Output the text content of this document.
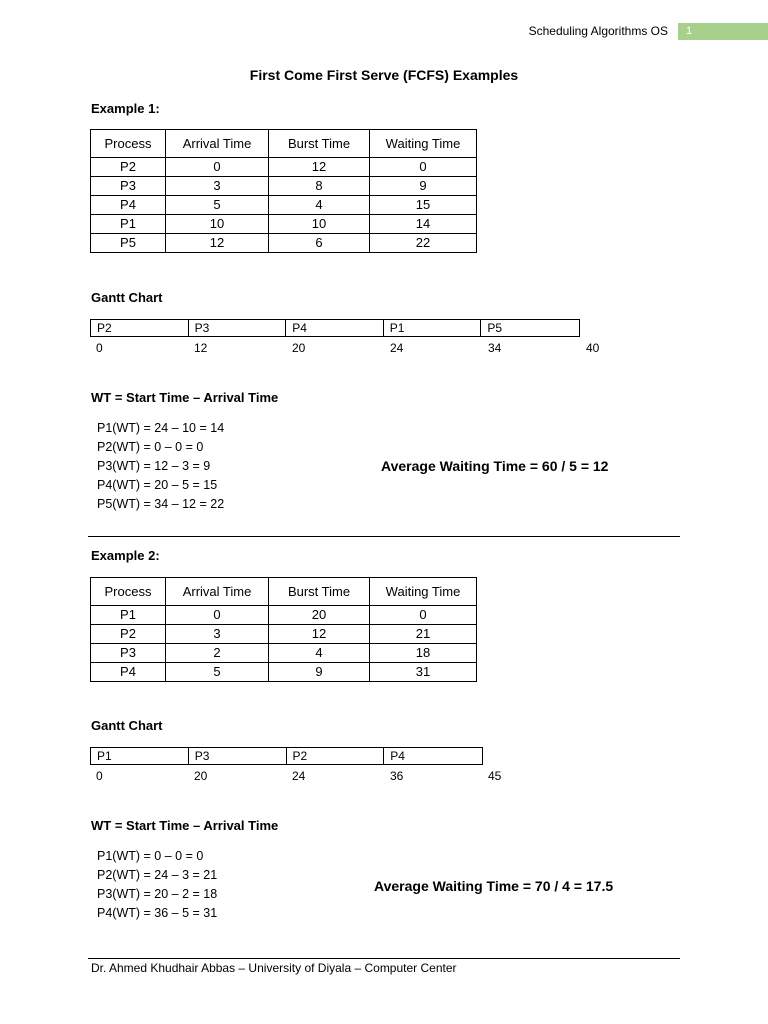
Scheduling Algorithms OS	1
First Come First Serve (FCFS) Examples
Example 1:
Process	Arrival Time	Burst Time	Waiting Time
P2	0	12	0
P3	3	8	9
P4	5	4	15
P1	10	10	14
P5	12	6	22
Gantt Chart
P2	P3	P4	P1	P5
0	12	20	24	34	40
WT = Start Time – Arrival Time
P1(WT) = 24 – 10 = 14
P2(WT) = 0 – 0 = 0
P3(WT) = 12 – 3 = 9
P4(WT) = 20 – 5 = 15
P5(WT) = 34 – 12 = 22
Average Waiting Time = 60 / 5 = 12
Example 2:
Process	Arrival Time	Burst Time	Waiting Time
P1	0	20	0
P2	3	12	21
P3	2	4	18
P4	5	9	31
Gantt Chart
P1	P3	P2	P4
0	20	24	36	45
WT = Start Time – Arrival Time
P1(WT) = 0 – 0 = 0
P2(WT) = 24 – 3 = 21
P3(WT) = 20 – 2 = 18
P4(WT) = 36 – 5 = 31
Average Waiting Time = 70 / 4 = 17.5
Dr. Ahmed Khudhair Abbas – University of Diyala – Computer Center
